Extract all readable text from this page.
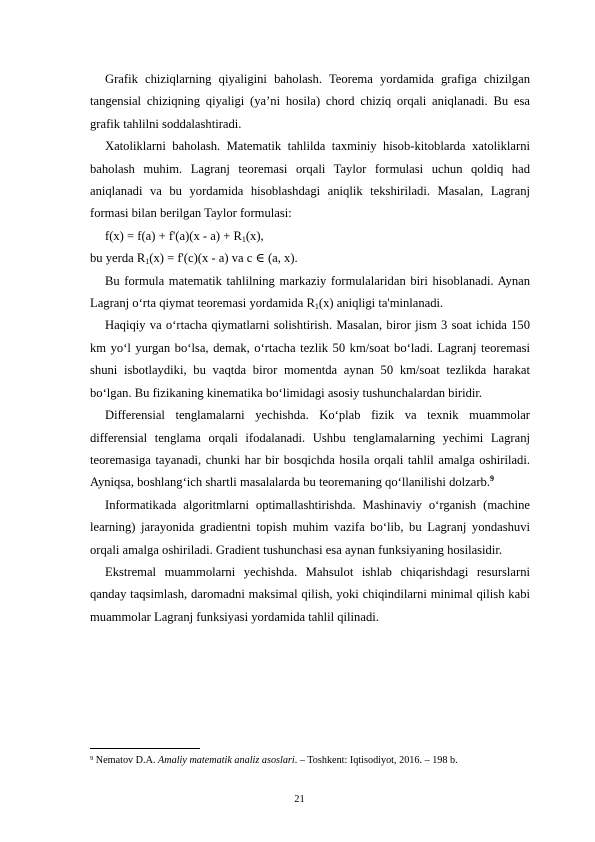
Grafik chiziqlarning qiyaligini baholash. Teorema yordamida grafiga chizilgan tangensial chiziqning qiyaligi (ya’ni hosila) chord chiziq orqali aniqlanadi. Bu esa grafik tahlilni soddalashtiradi.

Xatoliklarni baholash. Matematik tahlilda taxminiy hisob-kitoblarda xatoliklarni baholash muhim. Lagranj teoremasi orqali Taylor formulasi uchun qoldiq had aniqlanadi va bu yordamida hisoblashdagi aniqlik tekshiriladi. Masalan, Lagranj formasi bilan berilgan Taylor formulasi:

$f(x) = f(a) + f'(a)(x - a) + R_1(x)$,

bu yerda $R_1(x) = f'(c)(x - a)$ va c ∈ (a, x).

Bu formula matematik tahlilning markaziy formulalaridan biri hisoblanadi. Aynan Lagranj o‘rta qiymat teoremasi yordamida $R_1(x)$ aniqligi ta'minlanadi.

Haqiqiy va o‘rtacha qiymatlarni solishtirish. Masalan, biror jism 3 soat ichida 150 km yo‘l yurgan bo‘lsa, demak, o‘rtacha tezlik 50 km/soat bo‘ladi. Lagranj teoremasi shuni isbotlaydiki, bu vaqtda biror momentda aynan 50 km/soat tezlikda harakat bo‘lgan. Bu fizikaning kinematika bo‘limidagi asosiy tushunchalardan biridir.

Differensial tenglamalarni yechishda. Ko‘plab fizik va texnik muammolar differensial tenglama orqali ifodalanadi. Ushbu tenglamalarning yechimi Lagranj teoremasiga tayanadi, chunki har bir bosqichda hosila orqali tahlil amalga oshiriladi. Ayniqsa, boshlang‘ich shartli masalalarda bu teoremaning qo‘llanilishi dolzarb.$^9$

Informatikada algoritmlarni optimallashtirishda. Mashinaviy o‘rganish (machine learning) jarayonida gradientni topish muhim vazifa bo‘lib, bu Lagranj yondashuvi orqali amalga oshiriladi. Gradient tushunchasi esa aynan funksiyaning hosilasidir.

Ekstremal muammolarni yechishda. Mahsulot ishlab chiqarishdagi resurslarni qanday taqsimlash, daromadni maksimal qilish, yoki chiqindilarni minimal qilish kabi muammolar Lagranj funksiyasi yordamida tahlil qilinadi.

$^9$ Nematov D.A. Amaliy matematik analiz asoslari. – Toshkent: Iqtisodiyot, 2016. – 198 b.
21
